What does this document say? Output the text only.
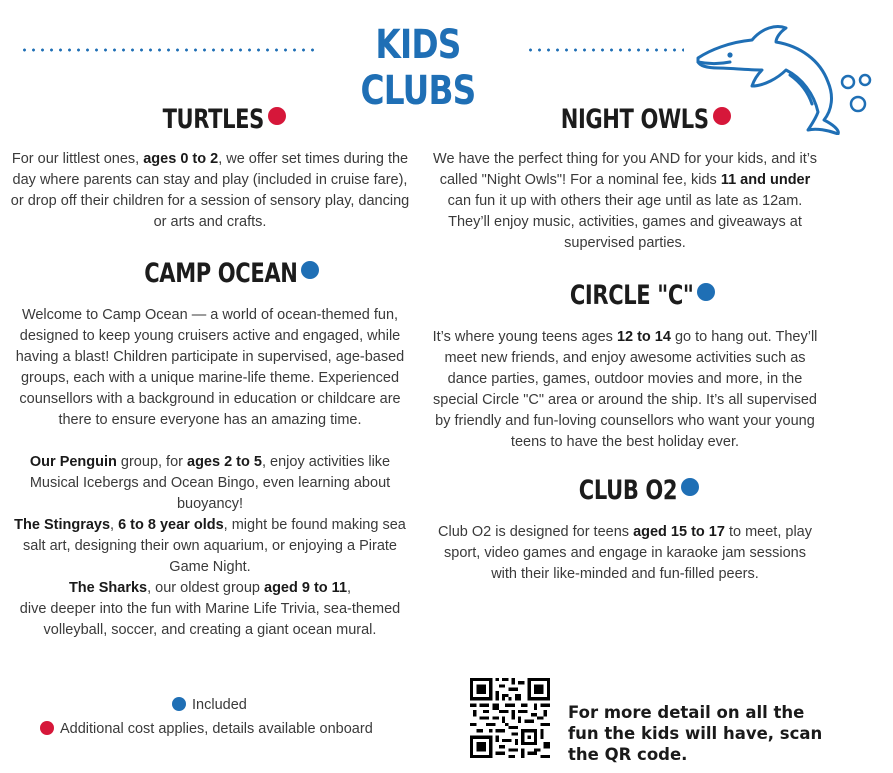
KIDS CLUBS
TURTLES
For our littlest ones, ages 0 to 2, we offer set times during the day where parents can stay and play (included in cruise fare), or drop off their children for a session of sensory play, dancing or arts and crafts.
CAMP OCEAN
Welcome to Camp Ocean — a world of ocean-themed fun, designed to keep young cruisers active and engaged, while having a blast! Children participate in supervised, age-based groups, each with a unique marine-life theme. Experienced counsellors with a background in education or childcare are there to ensure everyone has an amazing time.
Our Penguin group, for ages 2 to 5, enjoy activities like Musical Icebergs and Ocean Bingo, even learning about buoyancy!
The Stingrays, 6 to 8 year olds, might be found making sea salt art, designing their own aquarium, or enjoying a Pirate Game Night.
The Sharks, our oldest group aged 9 to 11,
dive deeper into the fun with Marine Life Trivia, sea-themed volleyball, soccer, and creating a giant ocean mural.
NIGHT OWLS
We have the perfect thing for you AND for your kids, and it’s called "Night Owls"! For a nominal fee, kids 11 and under can fun it up with others their age until as late as 12am. They’ll enjoy music, activities, games and giveaways at supervised parties.
CIRCLE "C"
It’s where young teens ages 12 to 14 go to hang out. They’ll meet new friends, and enjoy awesome activities such as dance parties, games, outdoor movies and more, in the special Circle "C" area or around the ship. It’s all supervised by friendly and fun-loving counsellors who want your young teens to have the best holiday ever.
CLUB O2
Club O2 is designed for teens aged 15 to 17 to meet, play sport, video games and engage in karaoke jam sessions with their like-minded and fun-filled peers.
Included
Additional cost applies, details available onboard
For more detail on all the fun the kids will have, scan the QR code.
